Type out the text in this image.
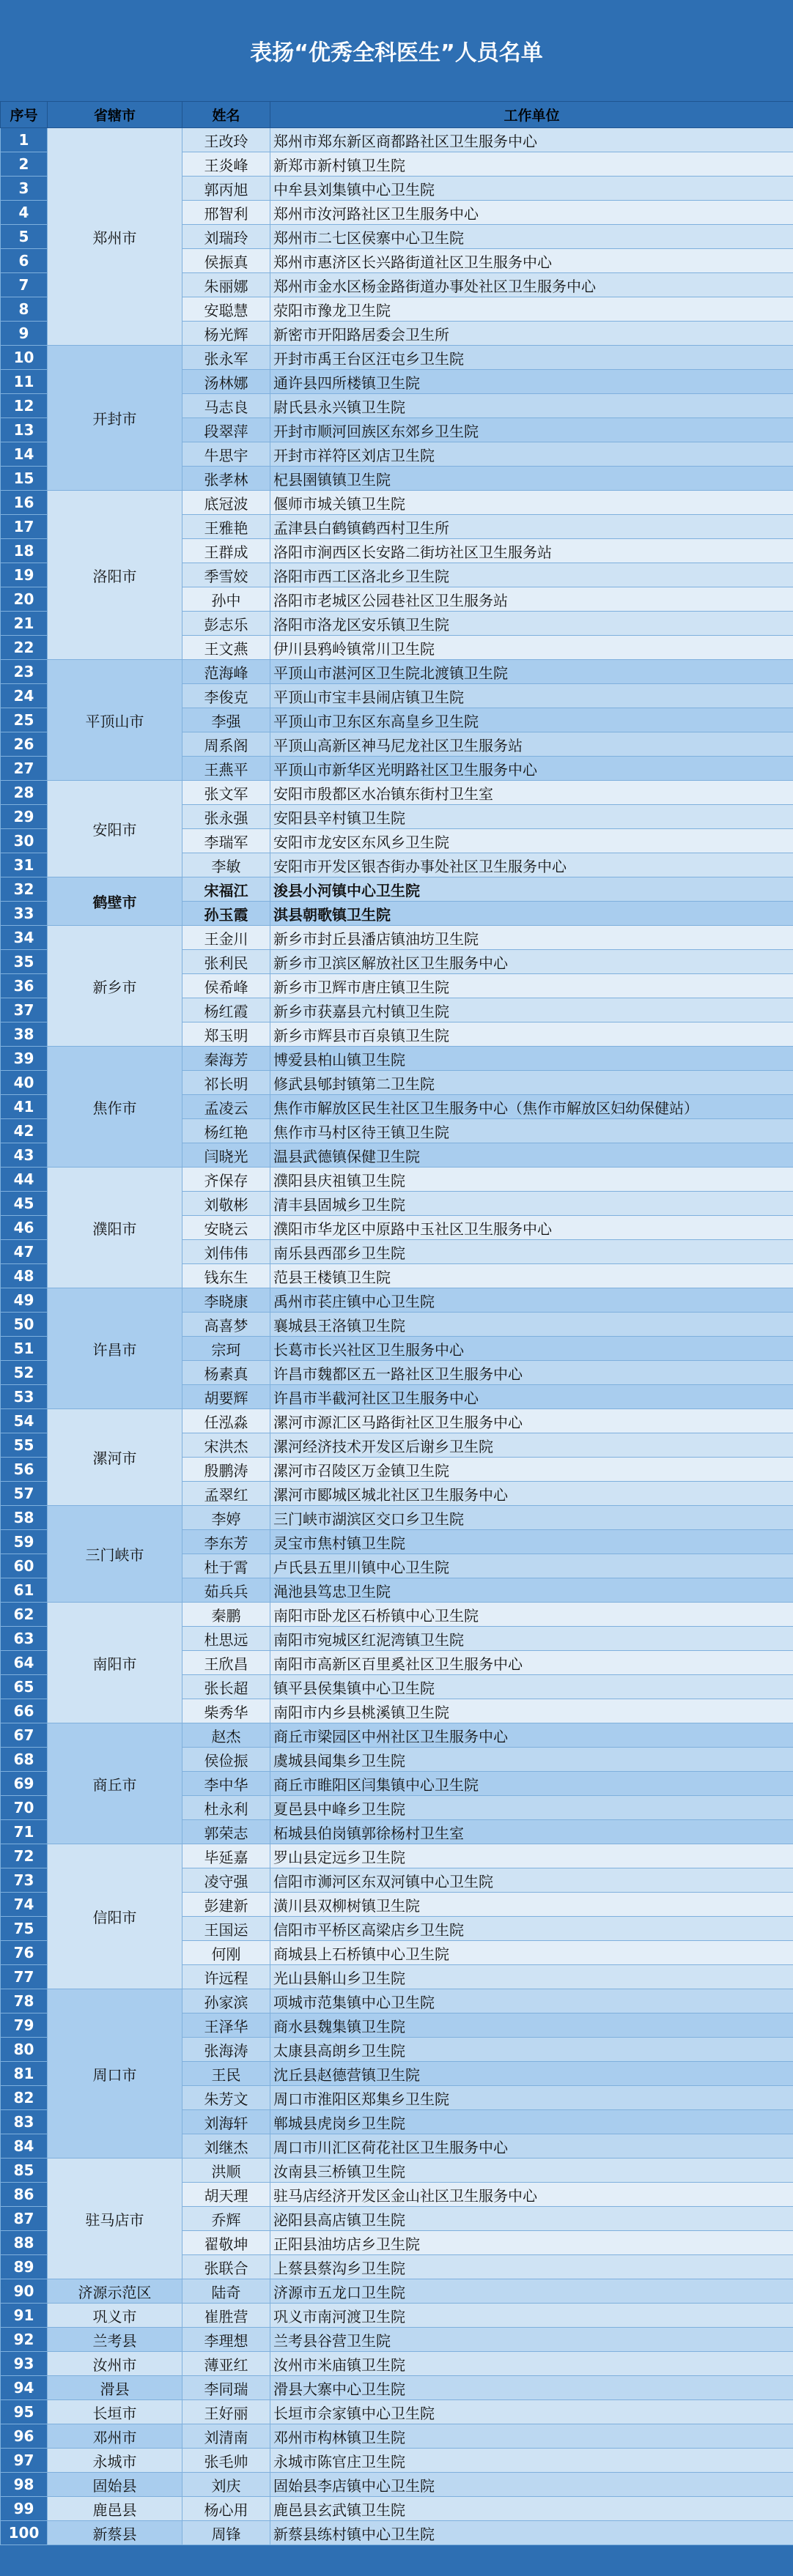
表扬“优秀全科医生”人员名单
序号	省辖市	姓名	工作单位
1	郑州市	王改玲	郑州市郑东新区商都路社区卫生服务中心
2		王炎峰	新郑市新村镇卫生院
3		郭丙旭	中牟县刘集镇中心卫生院
4		邢智利	郑州市汝河路社区卫生服务中心
5		刘瑞玲	郑州市二七区侯寨中心卫生院
6		侯振真	郑州市惠济区长兴路街道社区卫生服务中心
7		朱丽娜	郑州市金水区杨金路街道办事处社区卫生服务中心
8		安聪慧	荥阳市豫龙卫生院
9		杨光辉	新密市开阳路居委会卫生所
10	开封市	张永军	开封市禹王台区汪屯乡卫生院
11		汤林娜	通许县四所楼镇卫生院
12		马志良	尉氏县永兴镇卫生院
13		段翠萍	开封市顺河回族区东郊乡卫生院
14		牛思宇	开封市祥符区刘店卫生院
15		张孝林	杞县圉镇镇卫生院
16	洛阳市	底冠波	偃师市城关镇卫生院
17		王雅艳	孟津县白鹤镇鹤西村卫生所
18		王群成	洛阳市涧西区长安路二街坊社区卫生服务站
19		季雪姣	洛阳市西工区洛北乡卫生院
20		孙中	洛阳市老城区公园巷社区卫生服务站
21		彭志乐	洛阳市洛龙区安乐镇卫生院
22		王文燕	伊川县鸦岭镇常川卫生院
23	平顶山市	范海峰	平顶山市湛河区卫生院北渡镇卫生院
24		李俊克	平顶山市宝丰县闹店镇卫生院
25		李强	平顶山市卫东区东高皇乡卫生院
26		周系阁	平顶山高新区神马尼龙社区卫生服务站
27		王燕平	平顶山市新华区光明路社区卫生服务中心
28	安阳市	张文军	安阳市殷都区水冶镇东街村卫生室
29		张永强	安阳县辛村镇卫生院
30		李瑞军	安阳市龙安区东风乡卫生院
31		李敏	安阳市开发区银杏街办事处社区卫生服务中心
32	鹤壁市	宋福江	浚县小河镇中心卫生院
33		孙玉霞	淇县朝歌镇卫生院
34	新乡市	王金川	新乡市封丘县潘店镇油坊卫生院
35		张利民	新乡市卫滨区解放社区卫生服务中心
36		侯希峰	新乡市卫辉市唐庄镇卫生院
37		杨红霞	新乡市获嘉县亢村镇卫生院
38		郑玉明	新乡市辉县市百泉镇卫生院
39	焦作市	秦海芳	博爱县柏山镇卫生院
40		祁长明	修武县郇封镇第二卫生院
41		孟凌云	焦作市解放区民生社区卫生服务中心（焦作市解放区妇幼保健站）
42		杨红艳	焦作市马村区待王镇卫生院
43		闫晓光	温县武德镇保健卫生院
44	濮阳市	齐保存	濮阳县庆祖镇卫生院
45		刘敬彬	清丰县固城乡卫生院
46		安晓云	濮阳市华龙区中原路中玉社区卫生服务中心
47		刘伟伟	南乐县西邵乡卫生院
48		钱东生	范县王楼镇卫生院
49	许昌市	李晓康	禹州市苌庄镇中心卫生院
50		高喜梦	襄城县王洛镇卫生院
51		宗珂	长葛市长兴社区卫生服务中心
52		杨素真	许昌市魏都区五一路社区卫生服务中心
53		胡要辉	许昌市半截河社区卫生服务中心
54	漯河市	任泓淼	漯河市源汇区马路街社区卫生服务中心
55		宋洪杰	漯河经济技术开发区后谢乡卫生院
56		殷鹏涛	漯河市召陵区万金镇卫生院
57		孟翠红	漯河市郾城区城北社区卫生服务中心
58	三门峡市	李婷	三门峡市湖滨区交口乡卫生院
59		李东芳	灵宝市焦村镇卫生院
60		杜于霄	卢氏县五里川镇中心卫生院
61		茹兵兵	渑池县笃忠卫生院
62	南阳市	秦鹏	南阳市卧龙区石桥镇中心卫生院
63		杜思远	南阳市宛城区红泥湾镇卫生院
64		王欣昌	南阳市高新区百里奚社区卫生服务中心
65		张长超	镇平县侯集镇中心卫生院
66		柴秀华	南阳市内乡县桃溪镇卫生院
67	商丘市	赵杰	商丘市梁园区中州社区卫生服务中心
68		侯俭振	虞城县闻集乡卫生院
69		李中华	商丘市睢阳区闫集镇中心卫生院
70		杜永利	夏邑县中峰乡卫生院
71		郭荣志	柘城县伯岗镇郭徐杨村卫生室
72	信阳市	毕延嘉	罗山县定远乡卫生院
73		凌守强	信阳市浉河区东双河镇中心卫生院
74		彭建新	潢川县双柳树镇卫生院
75		王国运	信阳市平桥区高梁店乡卫生院
76		何刚	商城县上石桥镇中心卫生院
77		许远程	光山县斛山乡卫生院
78	周口市	孙家滨	项城市范集镇中心卫生院
79		王泽华	商水县魏集镇卫生院
80		张海涛	太康县高朗乡卫生院
81		王民	沈丘县赵德营镇卫生院
82		朱芳文	周口市淮阳区郑集乡卫生院
83		刘海轩	郸城县虎岗乡卫生院
84		刘继杰	周口市川汇区荷花社区卫生服务中心
85	驻马店市	洪顺	汝南县三桥镇卫生院
86		胡天理	驻马店经济开发区金山社区卫生服务中心
87		乔辉	泌阳县高店镇卫生院
88		翟敬坤	正阳县油坊店乡卫生院
89		张联合	上蔡县蔡沟乡卫生院
90	济源示范区	陆奇	济源市五龙口卫生院
91	巩义市	崔胜营	巩义市南河渡卫生院
92	兰考县	李理想	兰考县谷营卫生院
93	汝州市	薄亚红	汝州市米庙镇卫生院
94	滑县	李同瑞	滑县大寨中心卫生院
95	长垣市	王好丽	长垣市佘家镇中心卫生院
96	邓州市	刘清南	邓州市构林镇卫生院
97	永城市	张毛帅	永城市陈官庄卫生院
98	固始县	刘庆	固始县李店镇中心卫生院
99	鹿邑县	杨心用	鹿邑县玄武镇卫生院
100	新蔡县	周锋	新蔡县练村镇中心卫生院
